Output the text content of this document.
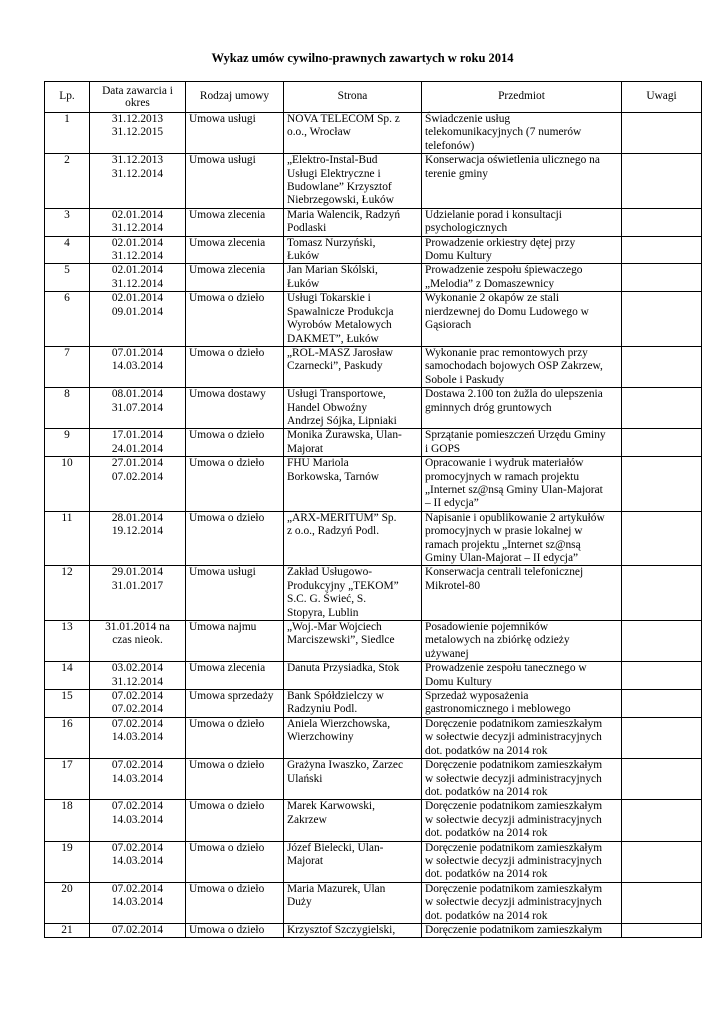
Wykaz umów cywilno-prawnych zawartych w roku 2014
Lp.	Data zawarcia i okres	Rodzaj umowy	Strona	Przedmiot	Uwagi
1	31.12.2013
31.12.2015	Umowa usługi	NOVA TELECOM Sp. z
o.o., Wrocław	Świadczenie usług
telekomunikacyjnych (7 numerów
telefonów)	

2	31.12.2013
31.12.2014	Umowa usługi	„Elektro-Instal-Bud
Usługi Elektryczne i
Budowlane” Krzysztof
Niebrzegowski, Łuków	Konserwacja oświetlenia ulicznego na
terenie gminy	

3	02.01.2014
31.12.2014	Umowa zlecenia	Maria Walencik, Radzyń
Podlaski	Udzielanie porad i konsultacji
psychologicznych	

4	02.01.2014
31.12.2014	Umowa zlecenia	Tomasz Nurzyński,
Łuków	Prowadzenie orkiestry dętej przy
Domu Kultury	

5	02.01.2014
31.12.2014	Umowa zlecenia	Jan Marian Skólski,
Łuków	Prowadzenie zespołu śpiewaczego
„Melodia” z Domaszewnicy	

6	02.01.2014
09.01.2014	Umowa o dzieło	Usługi Tokarskie i
Spawalnicze Produkcja
Wyrobów Metalowych
DAKMET”, Łuków	Wykonanie 2 okapów ze stali
nierdzewnej do Domu Ludowego w
Gąsiorach	

7	07.01.2014
14.03.2014	Umowa o dzieło	„ROL-MASZ Jarosław
Czarnecki”, Paskudy	Wykonanie prac remontowych przy
samochodach bojowych OSP Zakrzew,
Sobole i Paskudy	

8	08.01.2014
31.07.2014	Umowa dostawy	Usługi Transportowe,
Handel Obwoźny
Andrzej Sójka, Lipniaki	Dostawa 2.100 ton żužla do ulepszenia
gminnych dróg gruntowych	

9	17.01.2014
24.01.2014	Umowa o dzieło	Monika Żurawska, Ulan-
Majorat	Sprzątanie pomieszczeń Urzędu Gminy
i GOPS	

10	27.01.2014
07.02.2014	Umowa o dzieło	FHU Mariola
Borkowska, Tarnów	Opracowanie i wydruk materiałów
promocyjnych w ramach projektu
„Internet sz@nsą Gminy Ulan-Majorat
– II edycja”	

11	28.01.2014
19.12.2014	Umowa o dzieło	„ARX-MERITUM” Sp.
z o.o., Radzyń Podl.	Napisanie i opublikowanie 2 artykułów
promocyjnych w prasie lokalnej w
ramach projektu „Internet sz@nsą
Gminy Ulan-Majorat – II edycja”	

12	29.01.2014
31.01.2017	Umowa usługi	Zakład Usługowo-
Produkcyjny „TEKOM”
S.C. G. Świeć, S.
Stopyra, Lublin	Konserwacja centrali telefonicznej
Mikrotel-80	

13	31.01.2014 na
czas nieok.	Umowa najmu	„Woj.-Mar Wojciech
Marciszewski”, Siedlce	Posadowienie pojemników
metalowych na zbiórkę odzieży
używanej	

14	03.02.2014
31.12.2014	Umowa zlecenia	Danuta Przysiadka, Stok	Prowadzenie zespołu tanecznego w
Domu Kultury	

15	07.02.2014
07.02.2014	Umowa sprzedaży	Bank Spółdzielczy w
Radzyniu Podl.	Sprzedaż wyposażenia
gastronomicznego i meblowego	

16	07.02.2014
14.03.2014	Umowa o dzieło	Aniela Wierzchowska,
Wierzchowiny	Doręczenie podatnikom zamieszkałym
w sołectwie decyzji administracyjnych
dot. podatków na 2014 rok	

17	07.02.2014
14.03.2014	Umowa o dzieło	Grażyna Iwaszko, Zarzec
Ulański	Doręczenie podatnikom zamieszkałym
w sołectwie decyzji administracyjnych
dot. podatków na 2014 rok	

18	07.02.2014
14.03.2014	Umowa o dzieło	Marek Karwowski,
Zakrzew	Doręczenie podatnikom zamieszkałym
w sołectwie decyzji administracyjnych
dot. podatków na 2014 rok	

19	07.02.2014
14.03.2014	Umowa o dzieło	Józef Bielecki, Ulan-
Majorat	Doręczenie podatnikom zamieszkałym
w sołectwie decyzji administracyjnych
dot. podatków na 2014 rok	

20	07.02.2014
14.03.2014	Umowa o dzieło	Maria Mazurek, Ulan
Duży	Doręczenie podatnikom zamieszkałym
w sołectwie decyzji administracyjnych
dot. podatków na 2014 rok	

21	07.02.2014	Umowa o dzieło	Krzysztof Szczygielski,	Doręczenie podatnikom zamieszkałym	
